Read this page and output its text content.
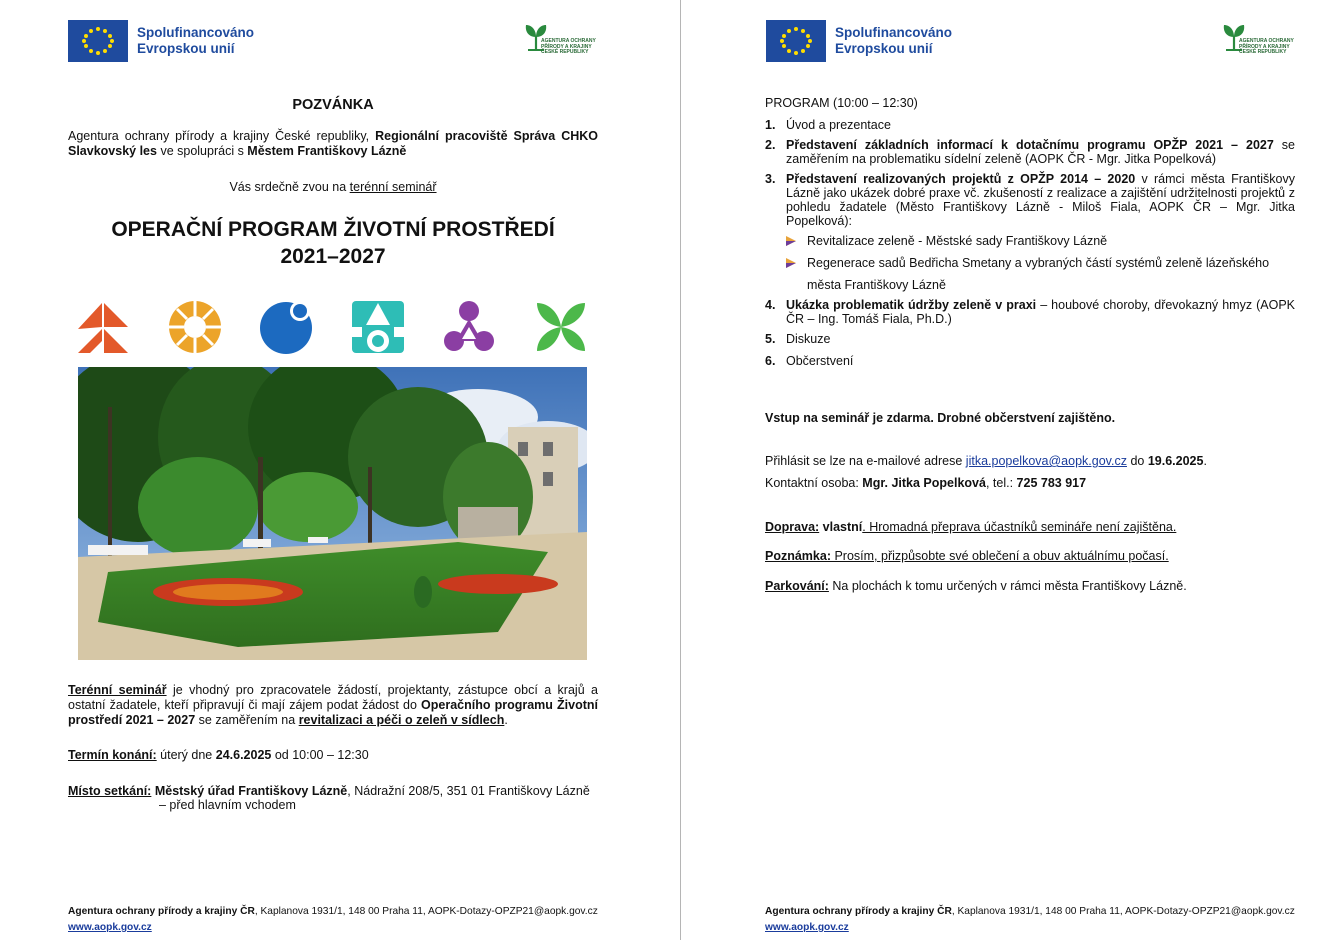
Spolufinancováno
Evropskou unií	AGENTURA OCHRANY
PŘÍRODY A KRAJINY
ČESKÉ REPUBLIKY
POZVÁNKA
Agentura ochrany přírody a krajiny České republiky, Regionální pracoviště Správa CHKO Slavkovský les ve spolupráci s Městem Františkovy Lázně
Vás srdečně zvou na terénní seminář
OPERAČNÍ PROGRAM ŽIVOTNÍ PROSTŘEDÍ
2021–2027
Terénní seminář je vhodný pro zpracovatele žádostí, projektanty, zástupce obcí a krajů a ostatní žadatele, kteří připravují či mají zájem podat žádost do Operačního programu Životní prostředí 2021 – 2027 se zaměřením na revitalizaci a péči o zeleň v sídlech.
Termín konání: úterý dne 24.6.2025 od 10:00 – 12:30
Místo setkání: Městský úřad Františkovy Lázně, Nádražní 208/5, 351 01 Františkovy Lázně
– před hlavním vchodem
Agentura ochrany přírody a krajiny ČR, Kaplanova 1931/1, 148 00 Praha 11, AOPK-Dotazy-OPZP21@aopk.gov.cz
www.aopk.gov.cz
Spolufinancováno
Evropskou unií	AGENTURA OCHRANY
PŘÍRODY A KRAJINY
ČESKÉ REPUBLIKY
PROGRAM (10:00 – 12:30)
1. Úvod a prezentace
2. Představení základních informací k dotačnímu programu OPŽP 2021 – 2027 se zaměřením na problematiku sídelní zeleně (AOPK ČR - Mgr. Jitka Popelková)
3. Představení realizovaných projektů z OPŽP 2014 – 2020 v rámci města Františkovy Lázně jako ukázek dobré praxe vč. zkušeností z realizace a zajištění udržitelnosti projektů z pohledu žadatele (Město Františkovy Lázně - Miloš Fiala, AOPK ČR – Mgr. Jitka Popelková):
Revitalizace zeleně - Městské sady Františkovy Lázně
Regenerace sadů Bedřicha Smetany a vybraných částí systémů zeleně lázeňského
města Františkovy Lázně
4. Ukázka problematik údržby zeleně v praxi – houbové choroby, dřevokazný hmyz (AOPK ČR – Ing. Tomáš Fiala, Ph.D.)
5. Diskuze
6. Občerstvení
Vstup na seminář je zdarma. Drobné občerstvení zajištěno.
Přihlásit se lze na e-mailové adrese jitka.popelkova@aopk.gov.cz do 19.6.2025.
Kontaktní osoba: Mgr. Jitka Popelková, tel.: 725 783 917
Doprava: vlastní. Hromadná přeprava účastníků semináře není zajištěna.
Poznámka: Prosím, přizpůsobte své oblečení a obuv aktuálnímu počasí.
Parkování: Na plochách k tomu určených v rámci města Františkovy Lázně.
Agentura ochrany přírody a krajiny ČR, Kaplanova 1931/1, 148 00 Praha 11, AOPK-Dotazy-OPZP21@aopk.gov.cz
www.aopk.gov.cz
